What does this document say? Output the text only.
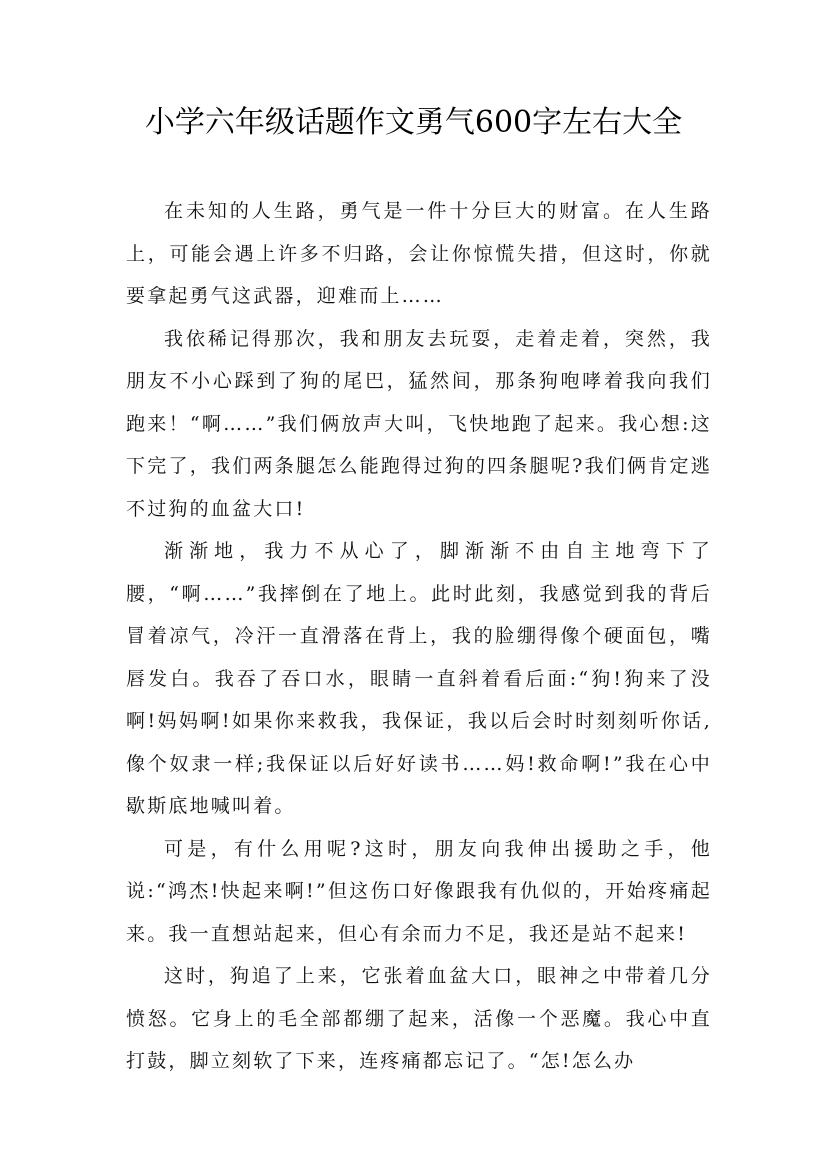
小学六年级话题作文勇气600字左右大全

在未知的人生路，勇气是一件十分巨大的财富。在人生路上，可能会遇上许多不归路，会让你惊慌失措，但这时，你就要拿起勇气这武器，迎难而上……

我依稀记得那次，我和朋友去玩耍，走着走着，突然，我朋友不小心踩到了狗的尾巴，猛然间，那条狗咆哮着我向我们跑来！“啊……”我们俩放声大叫，飞快地跑了起来。我心想:这下完了，我们两条腿怎么能跑得过狗的四条腿呢?我们俩肯定逃不过狗的血盆大口!

渐渐地，我力不从心了，脚渐渐不由自主地弯下了腰，“啊……”我摔倒在了地上。此时此刻，我感觉到我的背后冒着凉气，冷汗一直滑落在背上，我的脸绷得像个硬面包，嘴唇发白。我吞了吞口水，眼睛一直斜着看后面:“狗!狗来了没啊!妈妈啊!如果你来救我，我保证，我以后会时时刻刻听你话,像个奴隶一样;我保证以后好好读书……妈!救命啊!”我在心中歇斯底地喊叫着。

可是，有什么用呢?这时，朋友向我伸出援助之手，他说:“鸿杰!快起来啊!”但这伤口好像跟我有仇似的，开始疼痛起来。我一直想站起来，但心有余而力不足，我还是站不起来!

这时，狗追了上来，它张着血盆大口，眼神之中带着几分愤怒。它身上的毛全部都绷了起来，活像一个恶魔。我心中直打鼓，脚立刻软了下来，连疼痛都忘记了。“怎!怎么办
